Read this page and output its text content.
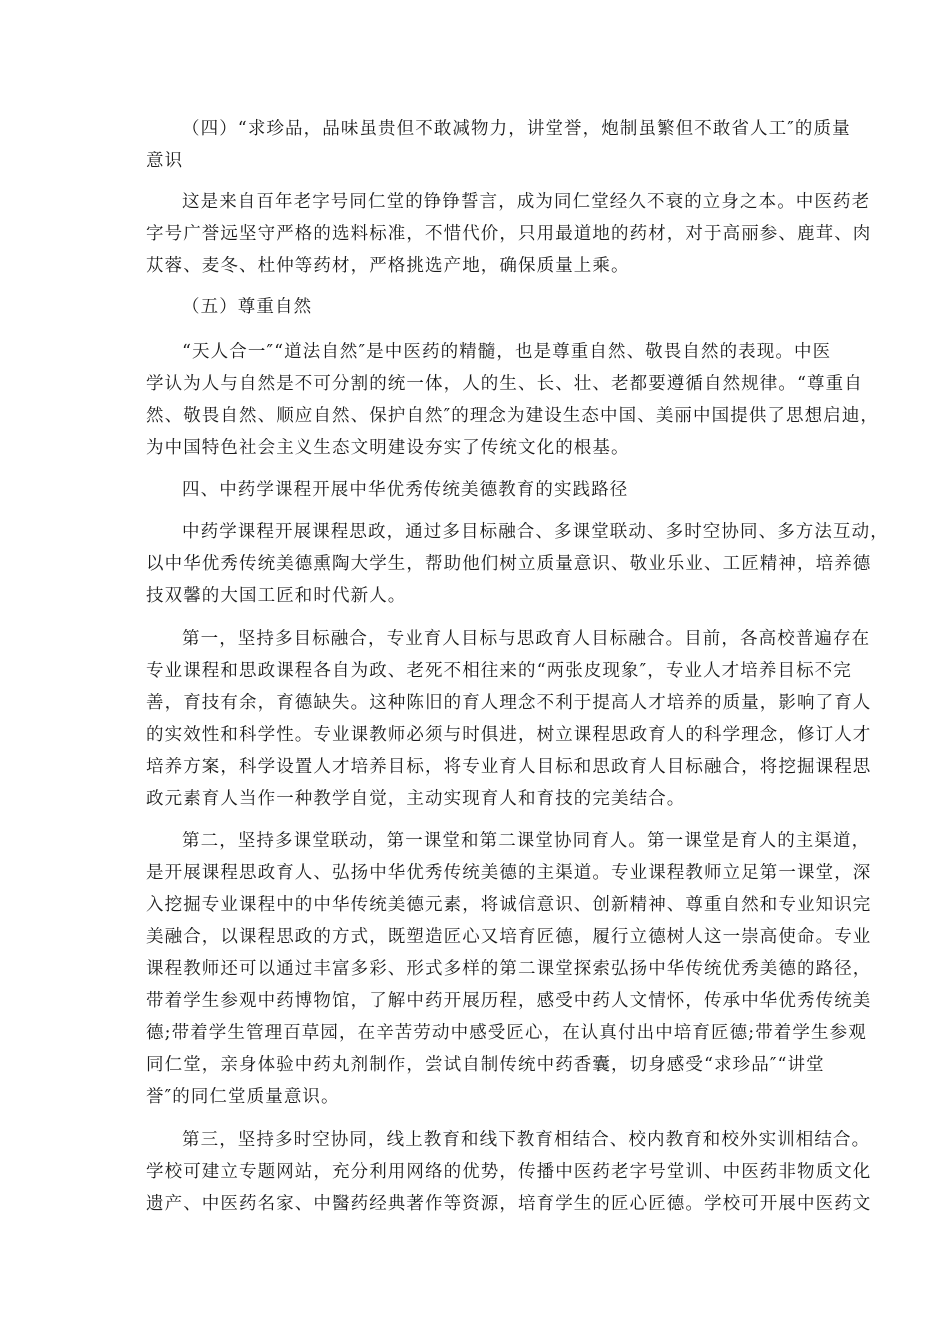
（四）“求珍品，品味虽贵但不敢减物力，讲堂誉，炮制虽繁但不敢省人工″的质量
意识
这是来自百年老字号同仁堂的铮铮誓言，成为同仁堂经久不衰的立身之本。中医药老
字号广誉远坚守严格的选料标准，不惜代价，只用最道地的药材，对于高丽参、鹿茸、肉
苁蓉、麦冬、杜仲等药材，严格挑选产地，确保质量上乘。
（五）尊重自然
“天人合一″“道法自然″是中医药的精髓，也是尊重自然、敬畏自然的表现。中医
学认为人与自然是不可分割的统一体，人的生、长、壮、老都要遵循自然规律。“尊重自
然、敬畏自然、顺应自然、保护自然″的理念为建设生态中国、美丽中国提供了思想启迪，
为中国特色社会主义生态文明建设夯实了传统文化的根基。
四、中药学课程开展中华优秀传统美德教育的实践路径
中药学课程开展课程思政，通过多目标融合、多课堂联动、多时空协同、多方法互动，
以中华优秀传统美德熏陶大学生，帮助他们树立质量意识、敬业乐业、工匠精神，培养德
技双馨的大国工匠和时代新人。
第一，坚持多目标融合，专业育人目标与思政育人目标融合。目前，各高校普遍存在
专业课程和思政课程各自为政、老死不相往来的“两张皮现象″，专业人才培养目标不完
善，育技有余，育德缺失。这种陈旧的育人理念不利于提高人才培养的质量，影响了育人
的实效性和科学性。专业课教师必须与时俱进，树立课程思政育人的科学理念，修订人才
培养方案，科学设置人才培养目标，将专业育人目标和思政育人目标融合，将挖掘课程思
政元素育人当作一种教学自觉，主动实现育人和育技的完美结合。
第二，坚持多课堂联动，第一课堂和第二课堂协同育人。第一课堂是育人的主渠道，
是开展课程思政育人、弘扬中华优秀传统美德的主渠道。专业课程教师立足第一课堂，深
入挖掘专业课程中的中华传统美德元素，将诚信意识、创新精神、尊重自然和专业知识完
美融合，以课程思政的方式，既塑造匠心又培育匠德，履行立德树人这一崇高使命。专业
课程教师还可以通过丰富多彩、形式多样的第二课堂探索弘扬中华传统优秀美德的路径，
带着学生参观中药博物馆，了解中药开展历程，感受中药人文情怀，传承中华优秀传统美
德;带着学生管理百草园，在辛苦劳动中感受匠心，在认真付出中培育匠德;带着学生参观
同仁堂，亲身体验中药丸剂制作，尝试自制传统中药香囊，切身感受“求珍品″“讲堂
誉″的同仁堂质量意识。
第三，坚持多时空协同，线上教育和线下教育相结合、校内教育和校外实训相结合。
学校可建立专题网站，充分利用网络的优势，传播中医药老字号堂训、中医药非物质文化
遗产、中医药名家、中醫药经典著作等资源，培育学生的匠心匠德。学校可开展中医药文
